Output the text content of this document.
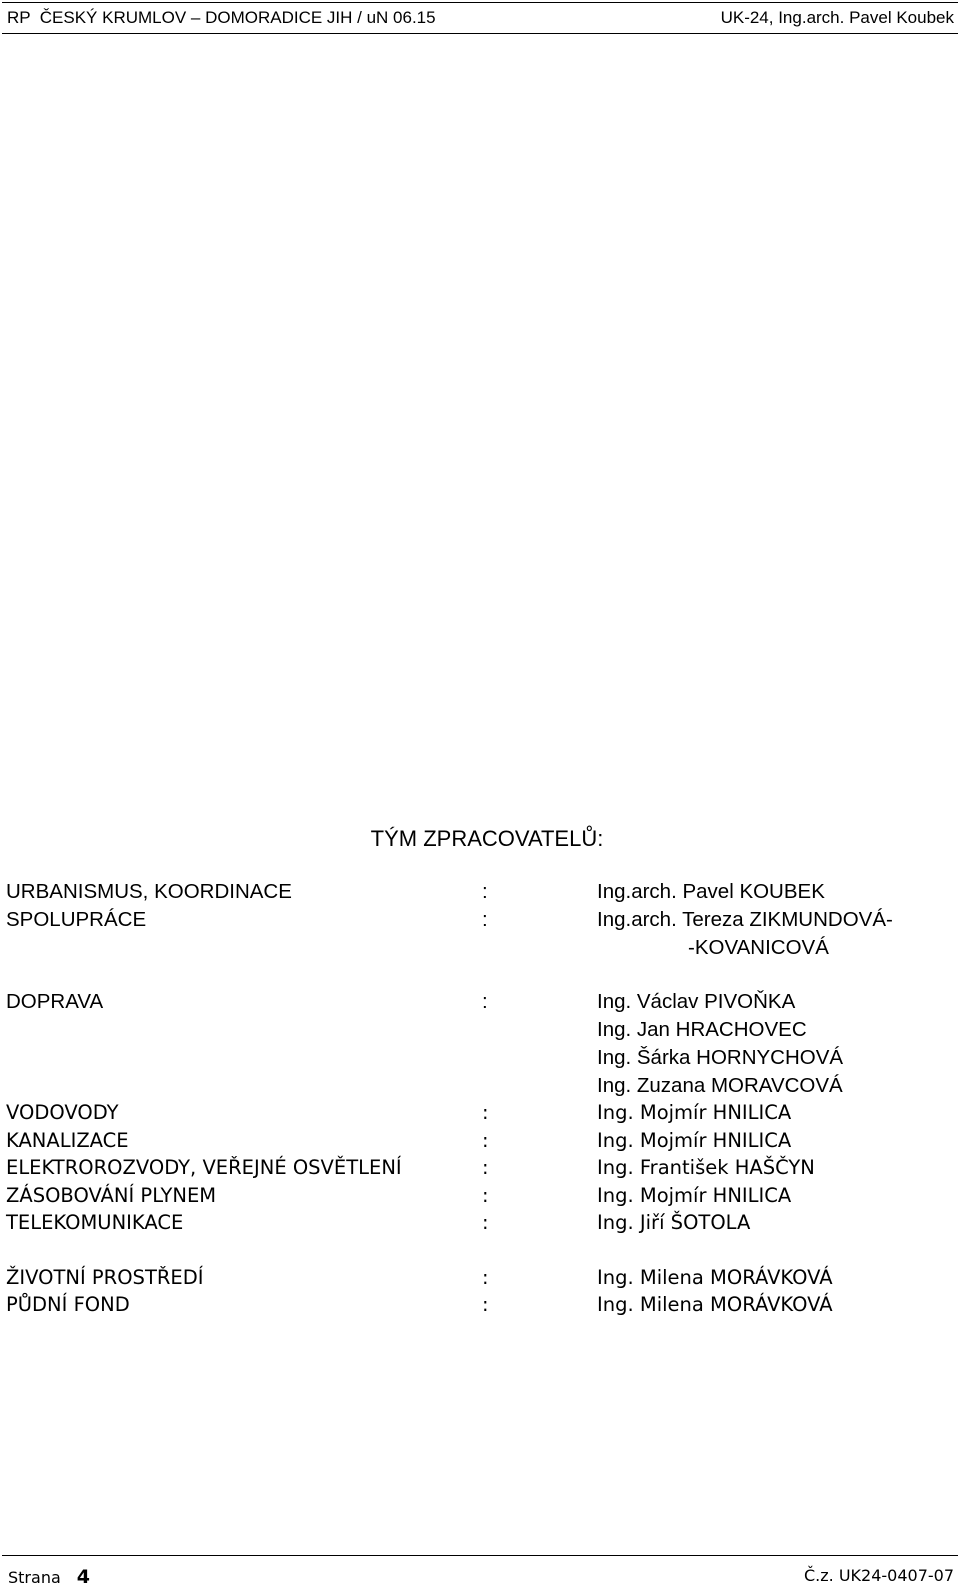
RP  ČESKÝ KRUMLOV – DOMORADICE JIH / uN 06.15	UK-24, Ing.arch. Pavel Koubek
TÝM ZPRACOVATELŮ:
URBANISMUS, KOORDINACE	:	Ing.arch. Pavel KOUBEK
SPOLUPRÁCE	:	Ing.arch. Tereza ZIKMUNDOVÁ-
-KOVANICOVÁ
DOPRAVA	:	Ing. Václav PIVOŇKA
Ing. Jan HRACHOVEC
Ing. Šárka HORNYCHOVÁ
Ing. Zuzana MORAVCOVÁ
VODOVODY	:	Ing. Mojmír HNILICA
KANALIZACE	:	Ing. Mojmír HNILICA
ELEKTROROZVODY, VEŘEJNÉ OSVĚTLENÍ	:	Ing. František HAŠČYN
ZÁSOBOVÁNÍ PLYNEM	:	Ing. Mojmír HNILICA
TELEKOMUNIKACE	:	Ing. Jiří ŠOTOLA
ŽIVOTNÍ PROSTŘEDÍ	:	Ing. Milena MORÁVKOVÁ
PŮDNÍ FOND	:	Ing. Milena MORÁVKOVÁ
Strana 4	Č.z. UK24-0407-07
